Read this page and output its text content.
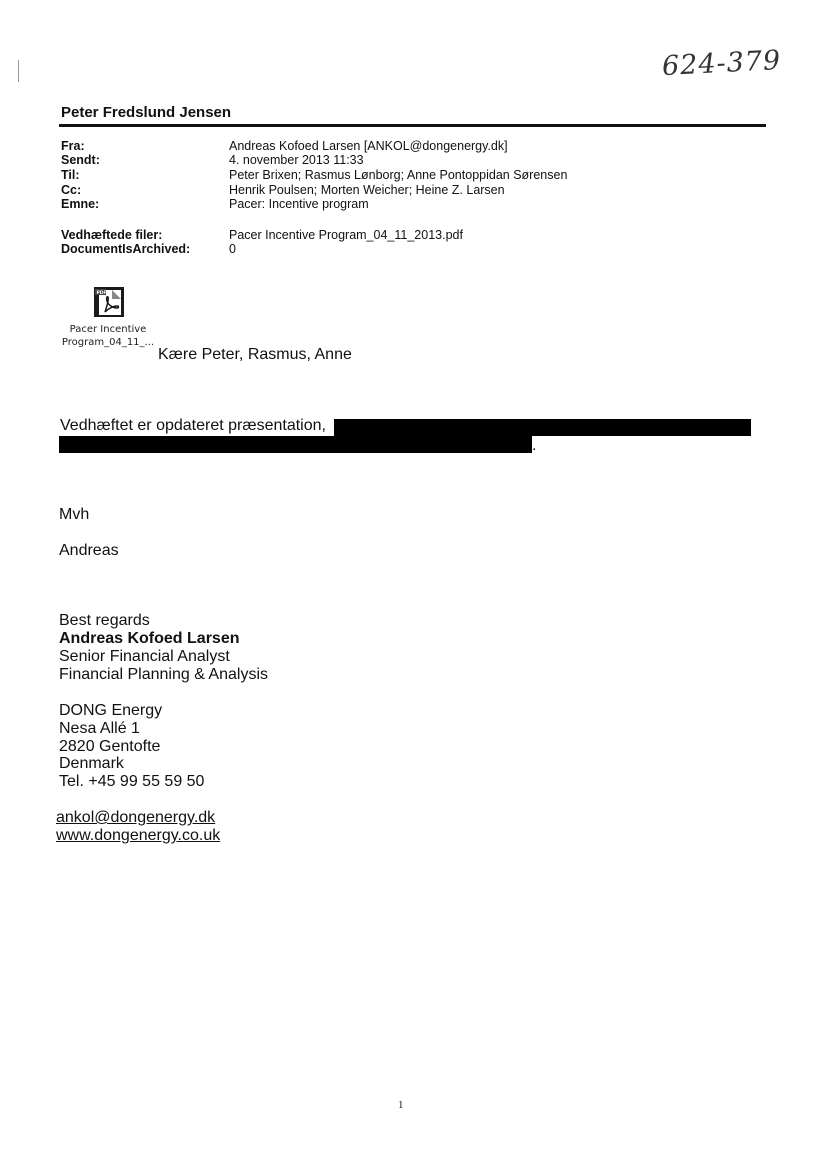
624-379
Peter Fredslund Jensen
Fra:	Andreas Kofoed Larsen [ANKOL@dongenergy.dk]
Sendt:	4. november 2013 11:33
Til:	Peter Brixen; Rasmus Lønborg; Anne Pontoppidan Sørensen
Cc:	Henrik Poulsen; Morten Weicher; Heine Z. Larsen
Emne:	Pacer: Incentive program
Vedhæftede filer:	Pacer Incentive Program_04_11_2013.pdf
DocumentIsArchived:	0
PDF
Pacer Incentive
Program_04_11_...
Kære Peter, Rasmus, Anne
Vedhæftet er opdateret præsentation,
.
Mvh
Andreas
Best regards
Andreas Kofoed Larsen
Senior Financial Analyst
Financial Planning & Analysis
DONG Energy
Nesa Allé 1
2820 Gentofte
Denmark
Tel. +45 99 55 59 50
ankol@dongenergy.dk
www.dongenergy.co.uk
1
